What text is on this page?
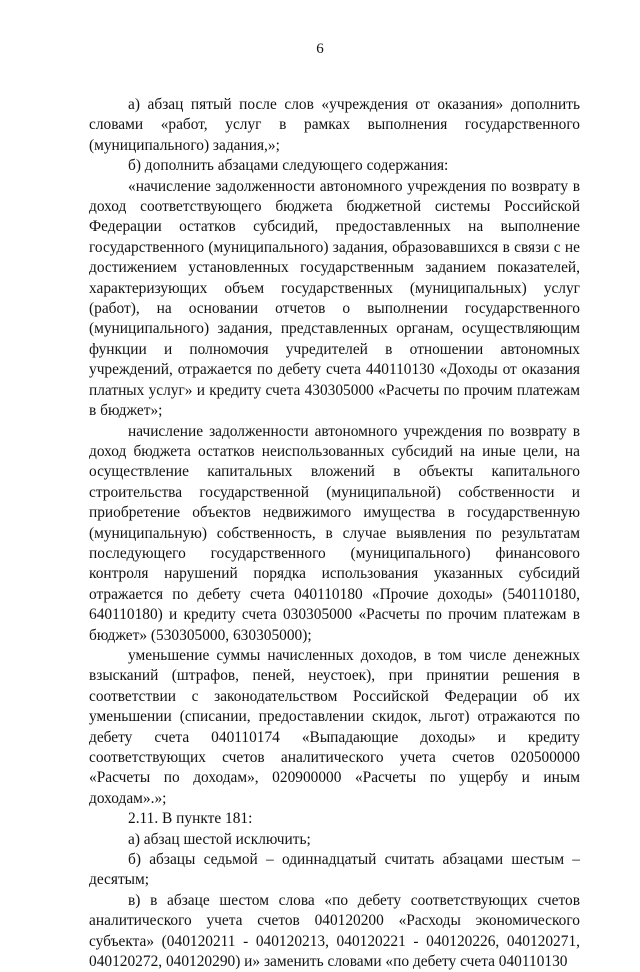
6

а) абзац пятый после слов «учреждения от оказания» дополнить словами «работ, услуг в рамках выполнения государственного (муниципального) задания,»;

б) дополнить абзацами следующего содержания:

«начисление задолженности автономного учреждения по возврату в доход соответствующего бюджета бюджетной системы Российской Федерации остатков субсидий, предоставленных на выполнение государственного (муниципального) задания, образовавшихся в связи с не достижением установленных государственным заданием показателей, характеризующих объем государственных (муниципальных) услуг (работ), на основании отчетов о выполнении государственного (муниципального) задания, представленных органам, осуществляющим функции и полномочия учредителей в отношении автономных учреждений, отражается по дебету счета 440110130 «Доходы от оказания платных услуг» и кредиту счета 430305000 «Расчеты по прочим платежам в бюджет»;

начисление задолженности автономного учреждения по возврату в доход бюджета остатков неиспользованных субсидий на иные цели, на осуществление капитальных вложений в объекты капитального строительства государственной (муниципальной) собственности и приобретение объектов недвижимого имущества в государственную (муниципальную) собственность, в случае выявления по результатам последующего государственного (муниципального) финансового контроля нарушений порядка использования указанных субсидий отражается по дебету счета 040110180 «Прочие доходы» (540110180, 640110180) и кредиту счета 030305000 «Расчеты по прочим платежам в бюджет» (530305000, 630305000);

уменьшение суммы начисленных доходов, в том числе денежных взысканий (штрафов, пеней, неустоек), при принятии решения в соответствии с законодательством Российской Федерации об их уменьшении (списании, предоставлении скидок, льгот) отражаются по дебету счета 040110174 «Выпадающие доходы» и кредиту соответствующих счетов аналитического учета счетов 020500000 «Расчеты по доходам», 020900000 «Расчеты по ущербу и иным доходам».»;

2.11. В пункте 181:

а) абзац шестой исключить;

б) абзацы седьмой – одиннадцатый считать абзацами шестым – десятым;

в) в абзаце шестом слова «по дебету соответствующих счетов аналитического учета счетов 040120200 «Расходы экономического субъекта» (040120211 - 040120213, 040120221 - 040120226, 040120271, 040120272, 040120290) и» заменить словами «по дебету счета 040110130
